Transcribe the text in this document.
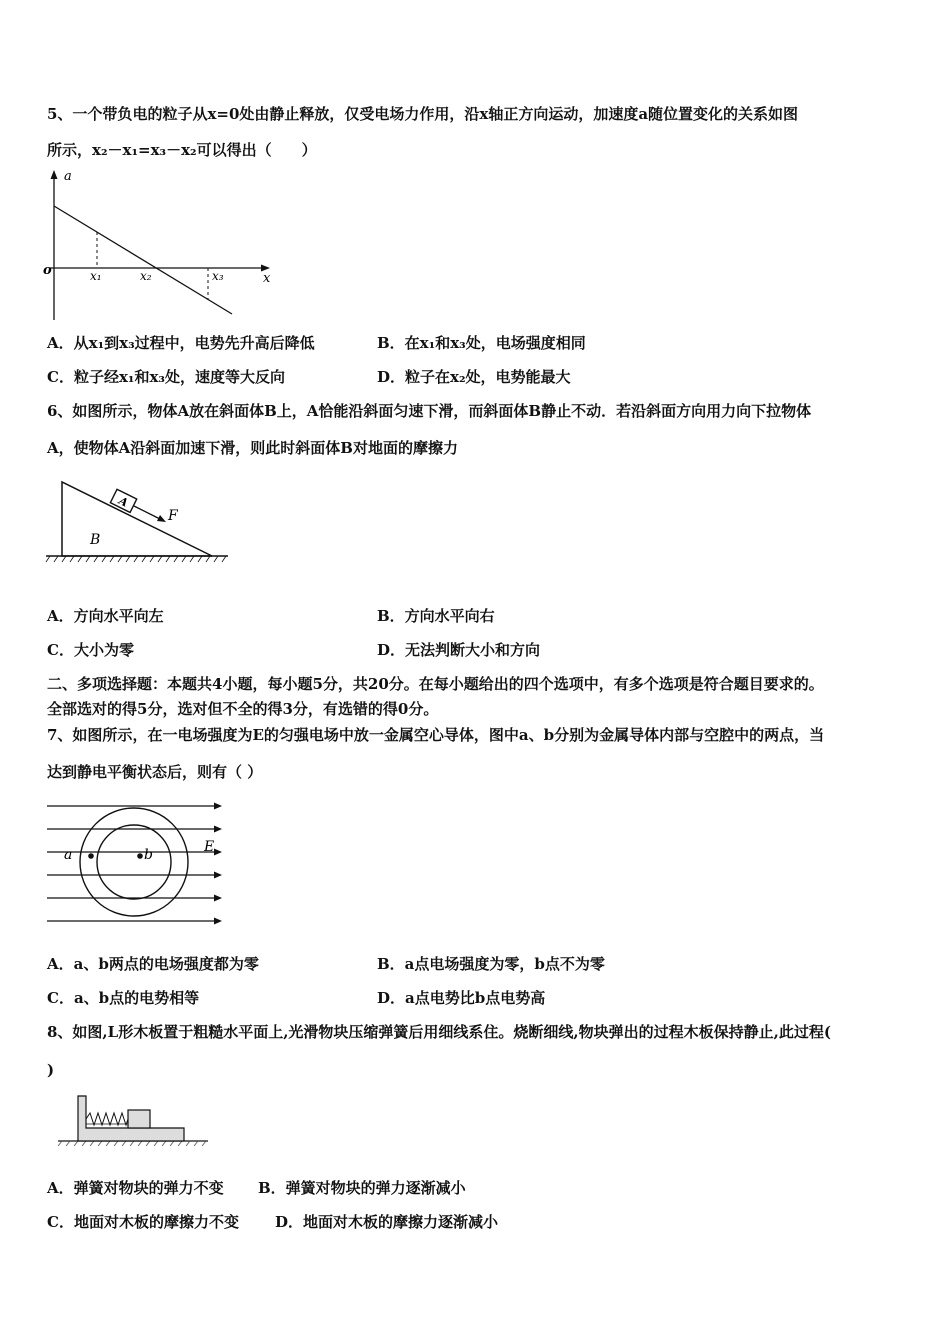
5、一个带负电的粒子从x=0处由静止释放，仅受电场力作用，沿x轴正方向运动，加速度a随位置变化的关系如图
所示，x₂－x₁=x₃－x₂可以得出（　　）
a
o
x
x₁	x₂	x₃
A．从x₁到x₃过程中，电势先升高后降低	B．在x₁和x₃处，电场强度相同
C．粒子经x₁和x₃处，速度等大反向	D．粒子在x₂处，电势能最大
6、如图所示，物体A放在斜面体B上，A恰能沿斜面匀速下滑，而斜面体B静止不动．若沿斜面方向用力向下拉物体
A，使物体A沿斜面加速下滑，则此时斜面体B对地面的摩擦力
A
F
B
A．方向水平向左	B．方向水平向右
C．大小为零	D．无法判断大小和方向
二、多项选择题：本题共4小题，每小题5分，共20分。在每小题给出的四个选项中，有多个选项是符合题目要求的。
全部选对的得5分，选对但不全的得3分，有选错的得0分。
7、如图所示，在一电场强度为E的匀强电场中放一金属空心导体，图中a、b分别为金属导体内部与空腔中的两点，当
达到静电平衡状态后，则有（ ）
a	b	E
A．a、b两点的电场强度都为零	B．a点电场强度为零，b点不为零
C．a、b点的电势相等	D．a点电势比b点电势高
8、如图,L形木板置于粗糙水平面上,光滑物块压缩弹簧后用细线系住。烧断细线,物块弹出的过程木板保持静止,此过程(
)
A．弹簧对物块的弹力不变 B．弹簧对物块的弹力逐渐减小
C．地面对木板的摩擦力不变 D．地面对木板的摩擦力逐渐减小
